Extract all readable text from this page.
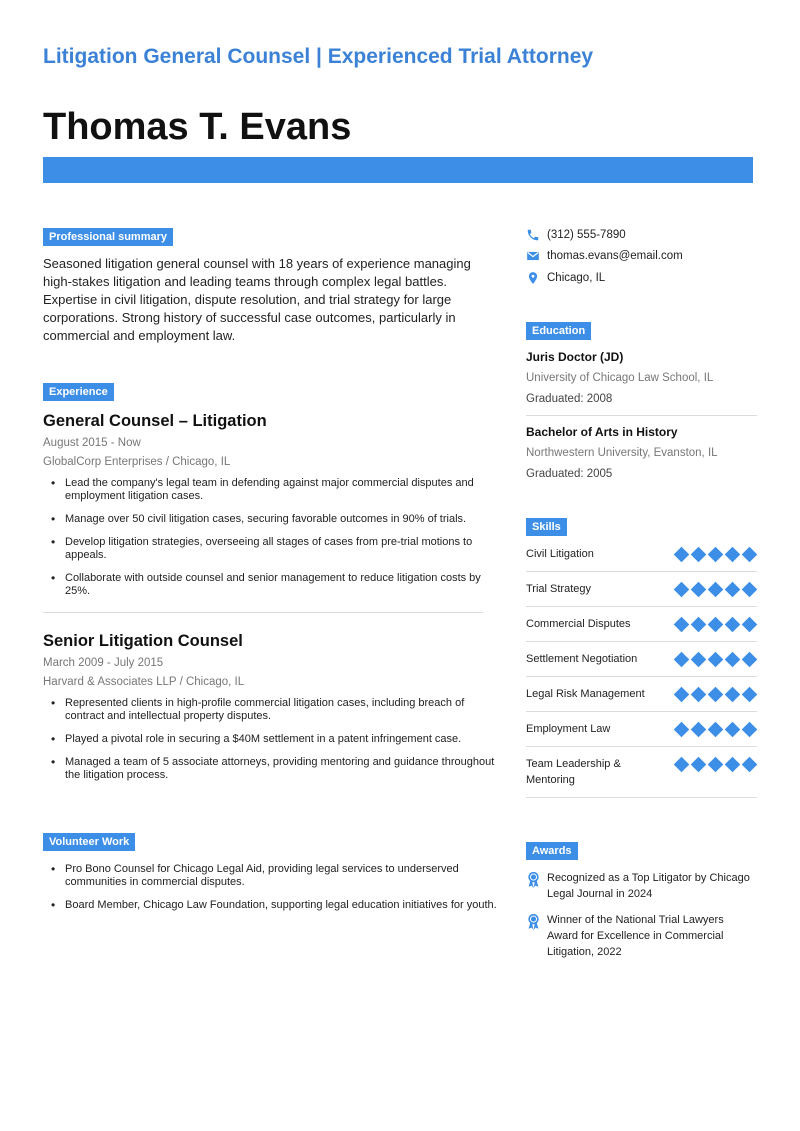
Litigation General Counsel | Experienced Trial Attorney
Thomas T. Evans
Professional summary

Seasoned litigation general counsel with 18 years of experience managing high-stakes litigation and leading teams through complex legal battles. Expertise in civil litigation, dispute resolution, and trial strategy for large corporations. Strong history of successful case outcomes, particularly in commercial and employment law.

Experience
General Counsel – Litigation
August 2015 - Now
GlobalCorp Enterprises / Chicago, IL
• Lead the company's legal team in defending against major commercial disputes and employment litigation cases.
• Manage over 50 civil litigation cases, securing favorable outcomes in 90% of trials.
• Develop litigation strategies, overseeing all stages of cases from pre-trial motions to appeals.
• Collaborate with outside counsel and senior management to reduce litigation costs by 25%.
Senior Litigation Counsel
March 2009 - July 2015
Harvard & Associates LLP / Chicago, IL
• Represented clients in high-profile commercial litigation cases, including breach of contract and intellectual property disputes.
• Played a pivotal role in securing a $40M settlement in a patent infringement case.
• Managed a team of 5 associate attorneys, providing mentoring and guidance throughout the litigation process.
Volunteer Work
• Pro Bono Counsel for Chicago Legal Aid, providing legal services to underserved communities in commercial disputes.
• Board Member, Chicago Law Foundation, supporting legal education initiatives for youth.
(312) 555-7890
thomas.evans@email.com
Chicago, IL
Education
Juris Doctor (JD)
University of Chicago Law School, IL
Graduated: 2008
Bachelor of Arts in History
Northwestern University, Evanston, IL
Graduated: 2005
Skills
Civil Litigation
Trial Strategy
Commercial Disputes
Settlement Negotiation
Legal Risk Management
Employment Law
Team Leadership & Mentoring
Awards
Recognized as a Top Litigator by Chicago Legal Journal in 2024
Winner of the National Trial Lawyers Award for Excellence in Commercial Litigation, 2022
